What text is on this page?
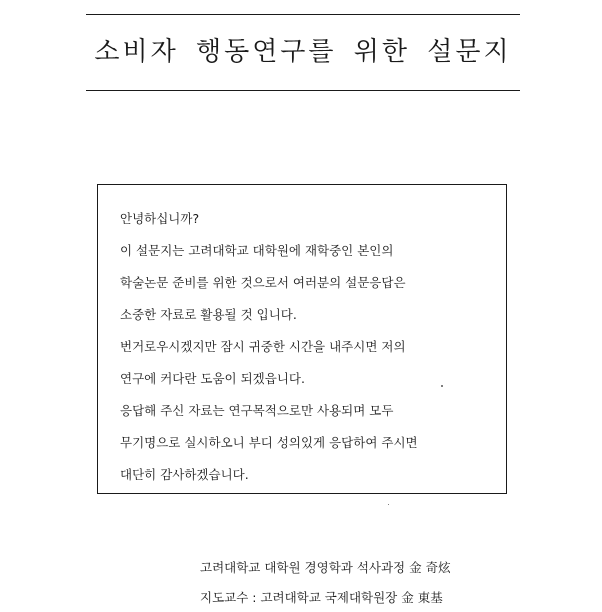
소비자 행동연구를 위한 설문지

안녕하십니까?

이 설문지는 고려대학교 대학원에 재학중인 본인의

학술논문 준비를 위한 것으로서 여러분의 설문응답은

소중한 자료로 활용될 것 입니다.

번거로우시겠지만 잠시 귀중한 시간을 내주시면 저의

연구에 커다란 도움이 되겠읍니다.

응답해 주신 자료는 연구목적으로만 사용되며 모두

무기명으로 실시하오니 부디 성의있게 응답하여 주시면

대단히 감사하겠습니다.

고려대학교 대학원 경영학과 석사과정 金 奇炫

지도교수 : 고려대학교 국제대학원장 金 東基
